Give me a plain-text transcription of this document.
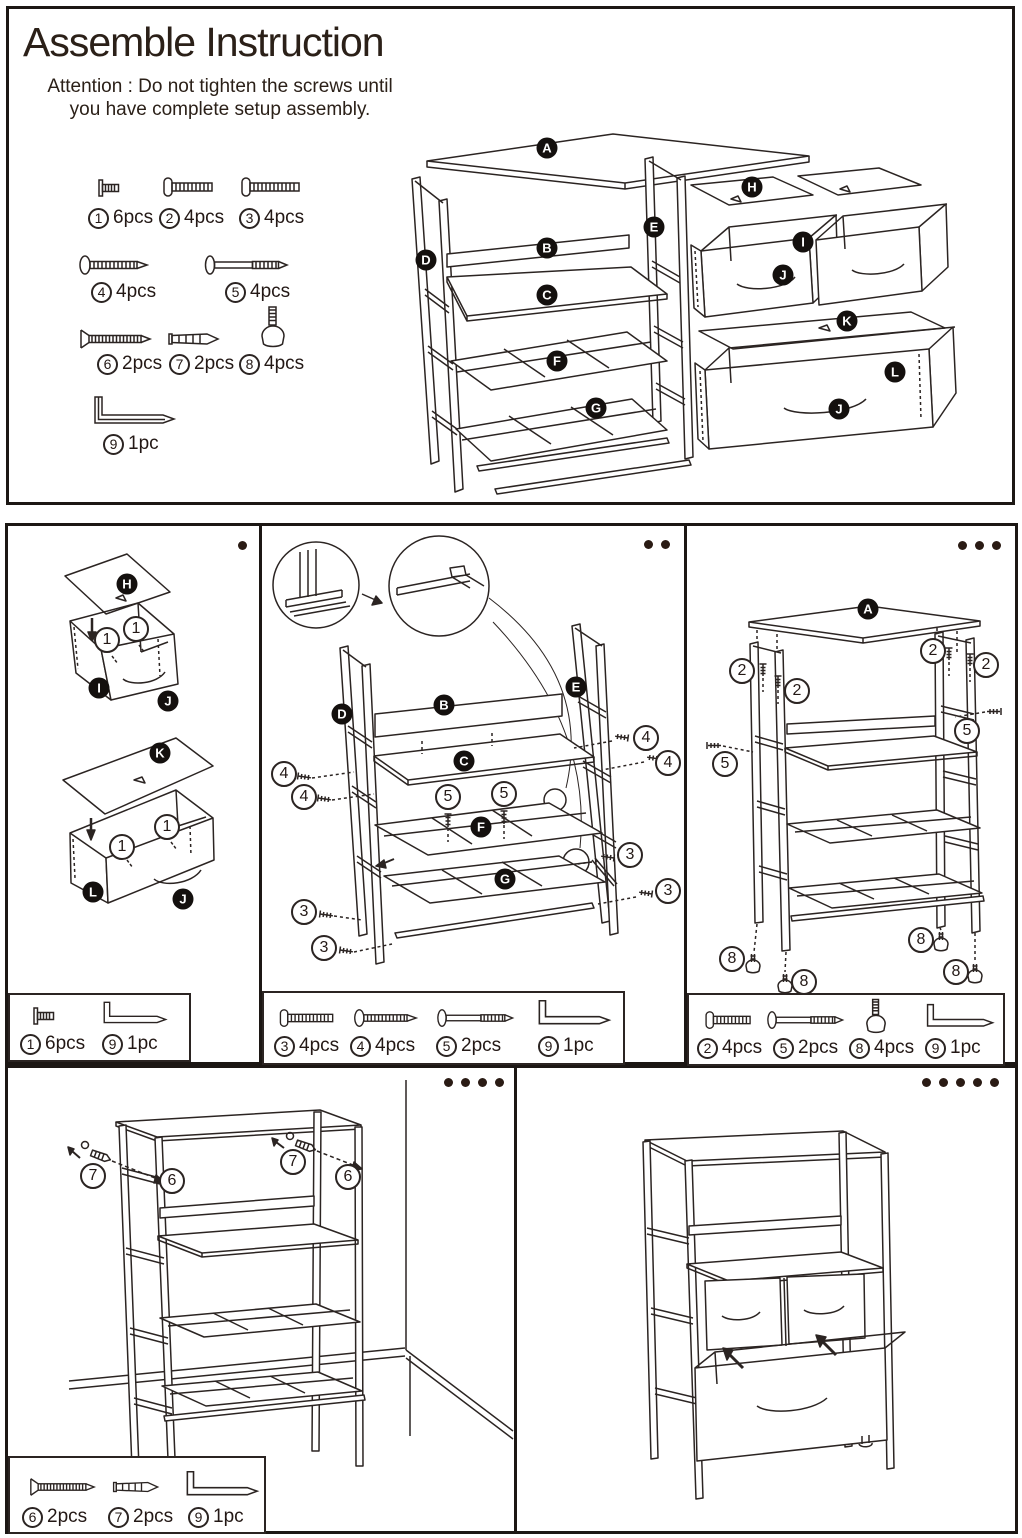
Assemble Instruction
Attention : Do not tighten the screws until
you have complete setup assembly.
1 6pcs 2 4pcs	3 4pcs
4 4pcs	5 4pcs
6 2pcs 7 2pcs 8 4pcs
9 1pc
A
B
C
D
E
F
G
H
I
J
K
L
J
H
I
J
K
L	J
1
1
1
1
1 6pcs	9 1pc
D
B
E
C
F
G
4
4
4
4	5	5
3
3
3
3
3 4pcs	4 4pcs	5 2pcs	9 1pc
A
2
2
2
2
5
5
8
8
8
8
2 4pcs	5 2pcs	8 4pcs	9 1pc
7	6
7
6
6 2pcs	7 2pcs	9 1pc
